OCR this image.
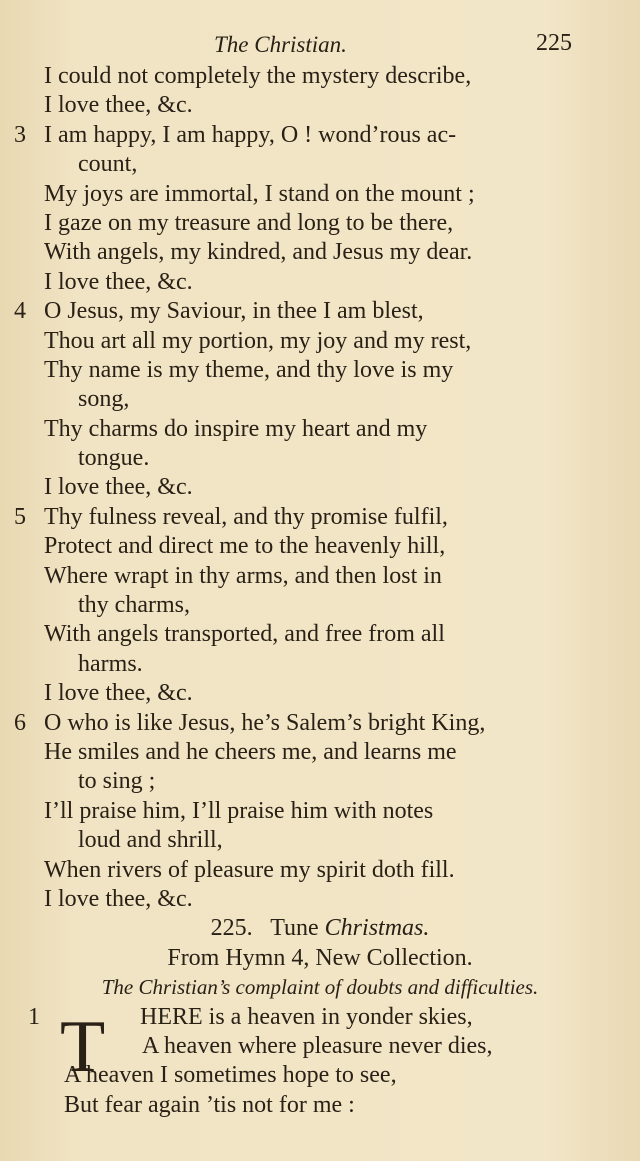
The Christian.	225
I could not completely the mystery describe,
I love thee, &c.
3 I am happy, I am happy, O ! wond’rous ac-
count,
My joys are immortal, I stand on the mount ;
I gaze on my treasure and long to be there,
With angels, my kindred, and Jesus my dear.
I love thee, &c.
4 O Jesus, my Saviour, in thee I am blest,
Thou art all my portion, my joy and my rest,
Thy name is my theme, and thy love is my
song,
Thy charms do inspire my heart and my
tongue.
I love thee, &c.
5 Thy fulness reveal, and thy promise fulfil,
Protect and direct me to the heavenly hill,
Where wrapt in thy arms, and then lost in
thy charms,
With angels transported, and free from all
harms.
I love thee, &c.
6 O who is like Jesus, he’s Salem’s bright King,
He smiles and he cheers me, and learns me
to sing ;
I’ll praise him, I’ll praise him with notes
loud and shrill,
When rivers of pleasure my spirit doth fill.
I love thee, &c.
225. Tune Christmas.
From Hymn 4, New Collection.
The Christian’s complaint of doubts and difficulties.
1	HERE is a heaven in yonder skies,
A heaven where pleasure never dies,
A heaven I sometimes hope to see,
But fear again ’tis not for me :
T
